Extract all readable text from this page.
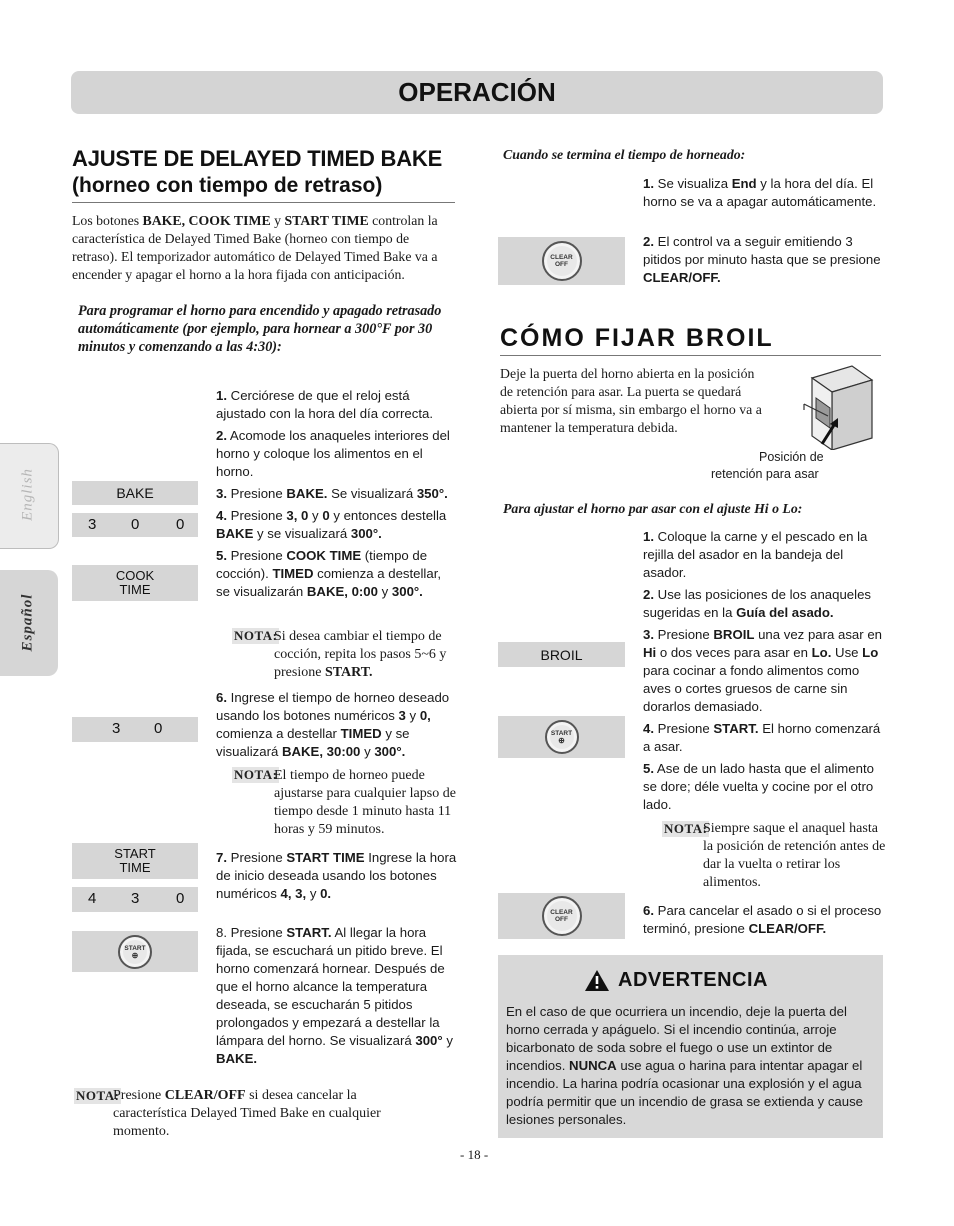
OPERACIÓN
English
Español
AJUSTE DE DELAYED TIMED BAKE
(horneo con tiempo de retraso)
Los botones BAKE, COOK TIME y START TIME controlan la característica de Delayed Timed Bake (horneo con tiempo de retraso). El temporizador automático de Delayed Timed Bake va a encender y apagar el horno a la hora fijada con anticipación.
Para programar el horno para encendido y apagado retrasado automáticamente (por ejemplo, para hornear a 300°F por 30 minutos y comenzando a las 4:30):
BAKE
3 0 0
COOK
TIME
3 0
START
TIME
4 3 0
START
⊕
1. Cerciórese de que el reloj está ajustado con la hora del día correcta.
2. Acomode los anaqueles interiores del horno y coloque los alimentos en el horno.
3. Presione BAKE. Se visualizará 350°.
4. Presione 3, 0 y 0 y entonces destella BAKE y se visualizará 300°.
5. Presione COOK TIME (tiempo de cocción). TIMED comienza a destellar, se visualizarán BAKE, 0:00 y 300°.
NOTA:
Si desea cambiar el tiempo de cocción, repita los pasos 5~6 y presione START.
6. Ingrese el tiempo de horneo deseado usando los botones numéricos 3 y 0, comienza a destellar TIMED y se visualizará BAKE, 30:00 y 300°.
NOTA:
El tiempo de horneo puede ajustarse para cualquier lapso de tiempo desde 1 minuto hasta 11 horas y 59 minutos.
7. Presione START TIME Ingrese la hora de inicio deseada usando los botones numéricos 4, 3, y 0.
8. Presione START. Al llegar la hora fijada, se escuchará un pitido breve. El horno comenzará hornear. Después de que el horno alcance la temperatura deseada, se escucharán 5 pitidos prolongados y empezará a destellar la lámpara del horno. Se visualizará 300° y BAKE.
NOTA:
Presione CLEAR/OFF si desea cancelar la característica Delayed Timed Bake en cualquier momento.
Cuando se termina el tiempo de horneado:
1. Se visualiza End y la hora del día. El horno se va a apagar automáticamente.
2. El control va a seguir emitiendo 3 pitidos por minuto hasta que se presione CLEAR/OFF.
CLEAR
OFF
CÓMO FIJAR BROIL
Deje la puerta del horno abierta en la posición de retención para asar. La puerta se quedará abierta por sí misma, sin embargo el horno va a mantener la temperatura debida.
Posición de
retención para asar
Para ajustar el horno par asar con el ajuste Hi o Lo:
1. Coloque la carne y el pescado en la rejilla del asador en la bandeja del asador.
2. Use las posiciones de los anaqueles sugeridas en la Guía del asado.
3. Presione BROIL una vez para asar en Hi o dos veces para asar en Lo. Use Lo para cocinar a fondo alimentos como aves o cortes gruesos de carne sin dorarlos demasiado.
4. Presione START. El horno comenzará a asar.
5. Ase de un lado hasta que el alimento se dore; déle vuelta y cocine por el otro lado.
NOTA:
Siempre saque el anaquel hasta la posición de retención antes de dar la vuelta o retirar los alimentos.
6. Para cancelar el asado o si el proceso terminó, presione CLEAR/OFF.
BROIL
START
⊕
CLEAR
OFF
ADVERTENCIA
En el caso de que ocurriera un incendio, deje la puerta del horno cerrada y apáguelo. Si el incendio continúa, arroje bicarbonato de soda sobre el fuego o use un extintor de incendios. NUNCA use agua o harina para intentar apagar el incendio. La harina podría ocasionar una explosión y el agua podría permitir que un incendio de grasa se extienda y cause lesiones personales.
- 18 -
